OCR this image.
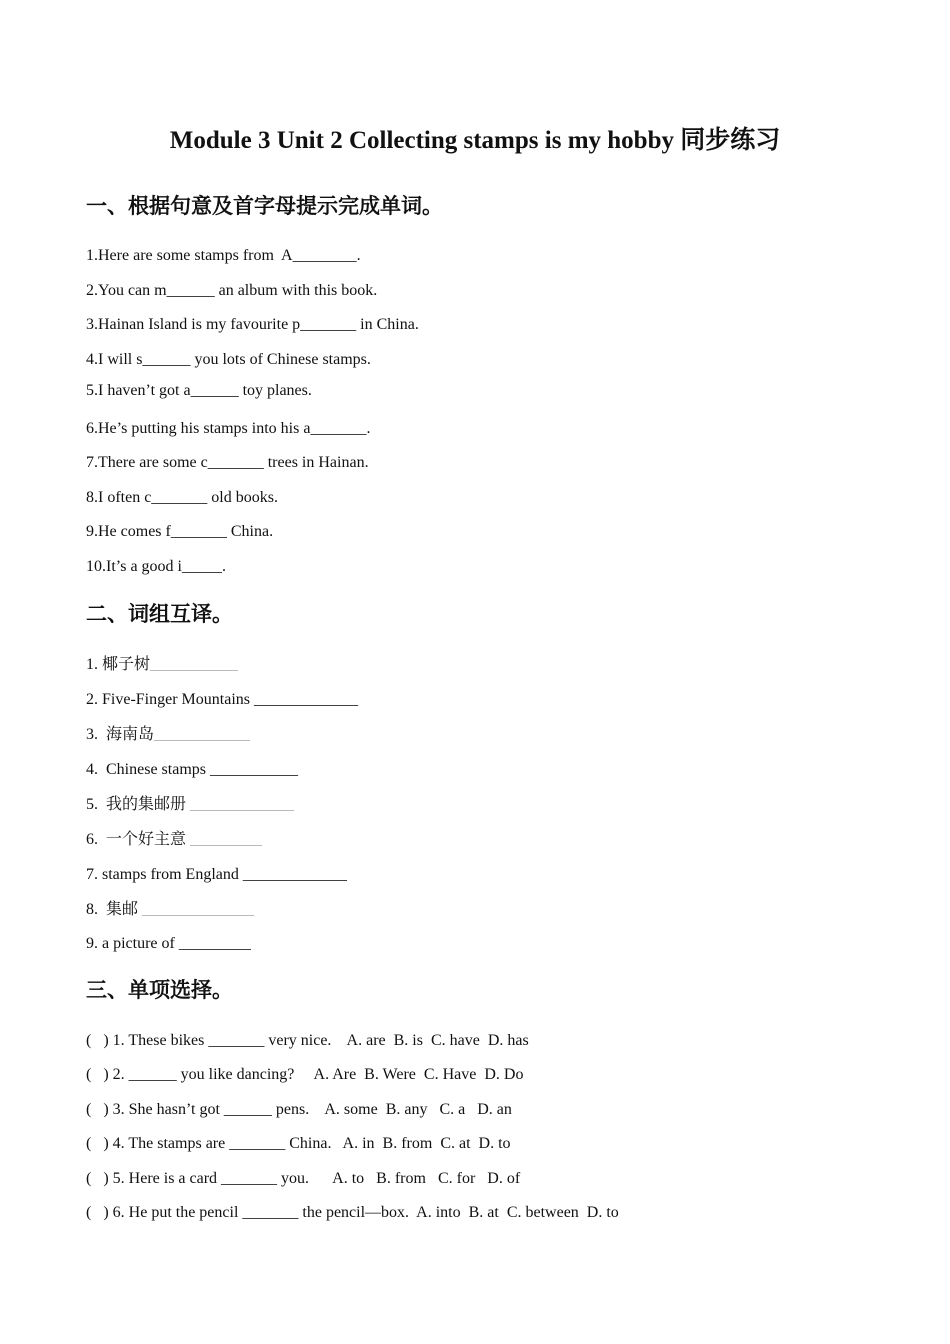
Module 3 Unit 2 Collecting stamps is my hobby 同步练习
一、根据句意及首字母提示完成单词。
1.Here are some stamps from  A________.
2.You can m______ an album with this book.
3.Hainan Island is my favourite p_______ in China.
4.I will s______ you lots of Chinese stamps.
5.I haven’t got a______ toy planes.
6.He’s putting his stamps into his a_______.
7.There are some c_______ trees in Hainan.
8.I often c_______ old books.
9.He comes f_______ China.
10.It’s a good i_____.
二、词组互译。
1. 椰子树___________
2. Five-Finger Mountains _____________
3.  海南岛____________
4.  Chinese stamps ___________
5.  我的集邮册 _____________
6.  一个好主意 _________
7. stamps from England _____________
8.  集邮 ______________
9. a picture of _________
三、单项选择。
(   ) 1. These bikes _______ very nice.    A. are  B. is  C. have  D. has
(   ) 2. ______ you like dancing?     A. Are  B. Were  C. Have  D. Do
(   ) 3. She hasn’t got ______ pens.    A. some  B. any   C. a   D. an
(   ) 4. The stamps are _______ China.   A. in  B. from  C. at  D. to
(   ) 5. Here is a card _______ you.      A. to   B. from   C. for   D. of
(   ) 6. He put the pencil _______ the pencil—box.  A. into  B. at  C. between  D. to
